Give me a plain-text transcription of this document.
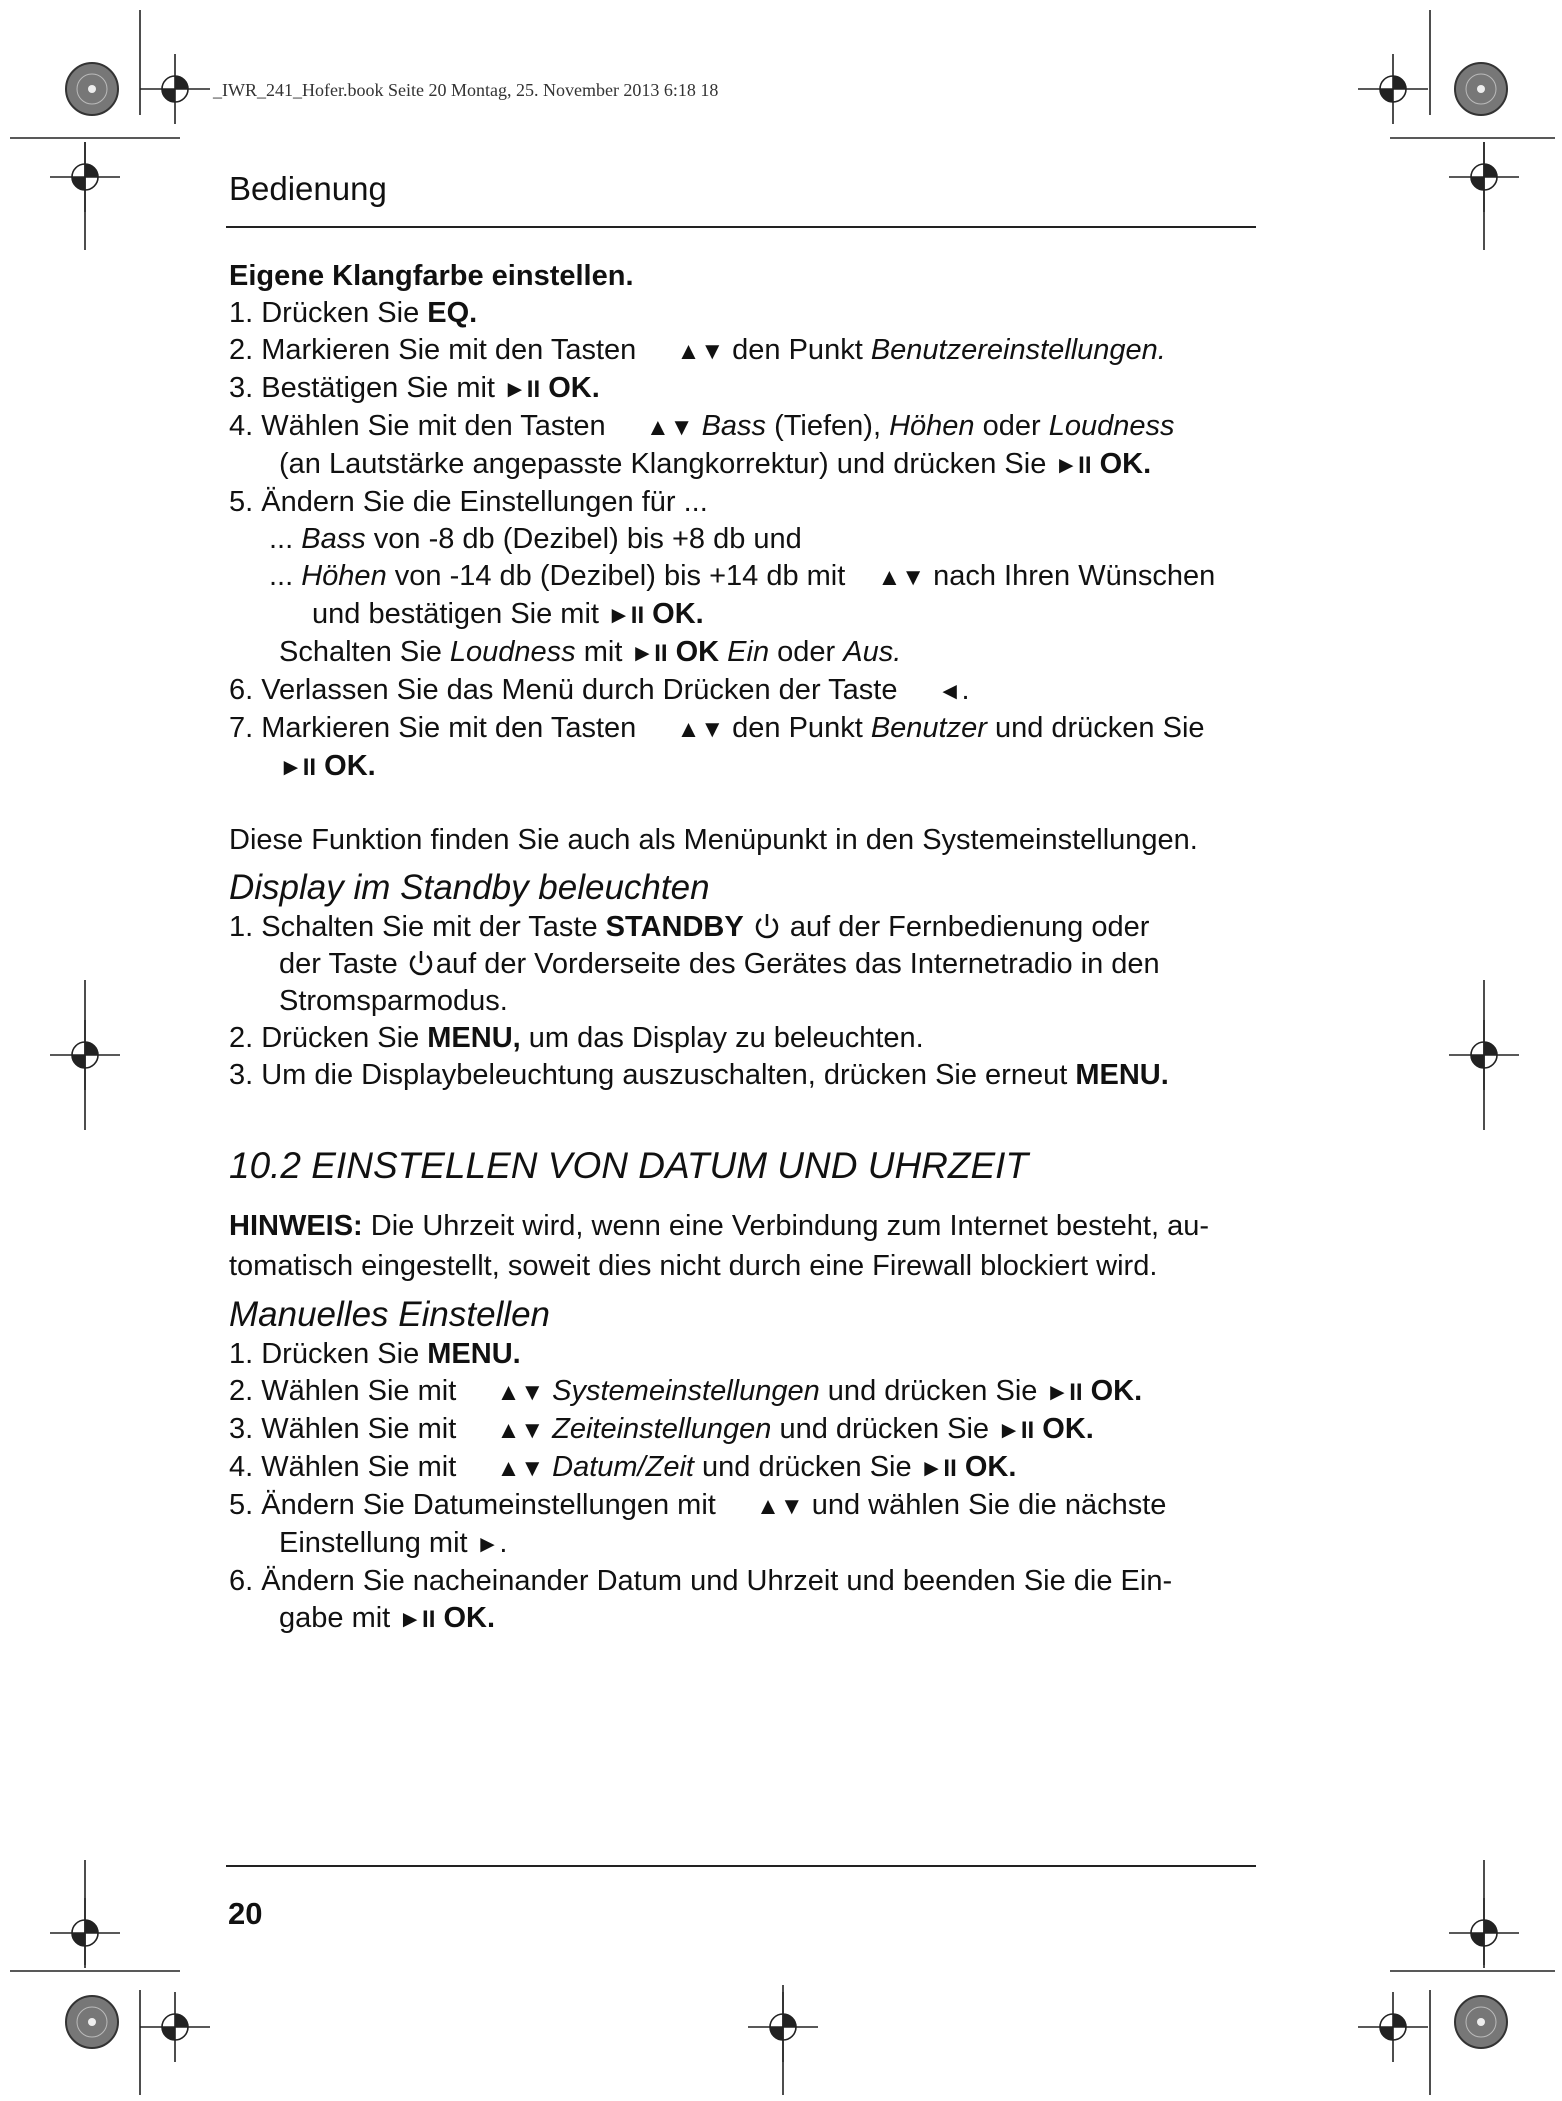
_IWR_241_Hofer.book Seite 20 Montag, 25. November 2013 6:18 18
Bedienung
Eigene Klangfarbe einstellen.
1. Drücken Sie EQ.
2. Markieren Sie mit den Tasten ▲▼ den Punkt Benutzereinstellungen.
3. Bestätigen Sie mit ►II OK.
4. Wählen Sie mit den Tasten ▲▼ Bass (Tiefen), Höhen oder Loudness
(an Lautstärke angepasste Klangkorrektur) und drücken Sie ►II OK.
5. Ändern Sie die Einstellungen für ...
... Bass von -8 db (Dezibel) bis +8 db und
... Höhen von -14 db (Dezibel) bis +14 db mit ▲▼ nach Ihren Wünschen
und bestätigen Sie mit ►II OK.
Schalten Sie Loudness mit ►II OK Ein oder Aus.
6. Verlassen Sie das Menü durch Drücken der Taste ◄.
7. Markieren Sie mit den Tasten ▲▼ den Punkt Benutzer und drücken Sie
►II OK.
Diese Funktion finden Sie auch als Menüpunkt in den Systemeinstellungen.
Display im Standby beleuchten
1. Schalten Sie mit der Taste STANDBY  auf der Fernbedienung oder
der Taste auf der Vorderseite des Gerätes das Internetradio in den
Stromsparmodus.
2. Drücken Sie MENU, um das Display zu beleuchten.
3. Um die Displaybeleuchtung auszuschalten, drücken Sie erneut MENU.
10.2 EINSTELLEN VON DATUM UND UHRZEIT
HINWEIS: Die Uhrzeit wird, wenn eine Verbindung zum Internet besteht, au-
tomatisch eingestellt, soweit dies nicht durch eine Firewall blockiert wird.
Manuelles Einstellen
1. Drücken Sie MENU.
2. Wählen Sie mit ▲▼ Systemeinstellungen und drücken Sie ►II OK.
3. Wählen Sie mit ▲▼ Zeiteinstellungen und drücken Sie ►II OK.
4. Wählen Sie mit ▲▼ Datum/Zeit und drücken Sie ►II OK.
5. Ändern Sie Datumeinstellungen mit ▲▼ und wählen Sie die nächste
Einstellung mit ►.
6. Ändern Sie nacheinander Datum und Uhrzeit und beenden Sie die Ein-
gabe mit ►II OK.
20
